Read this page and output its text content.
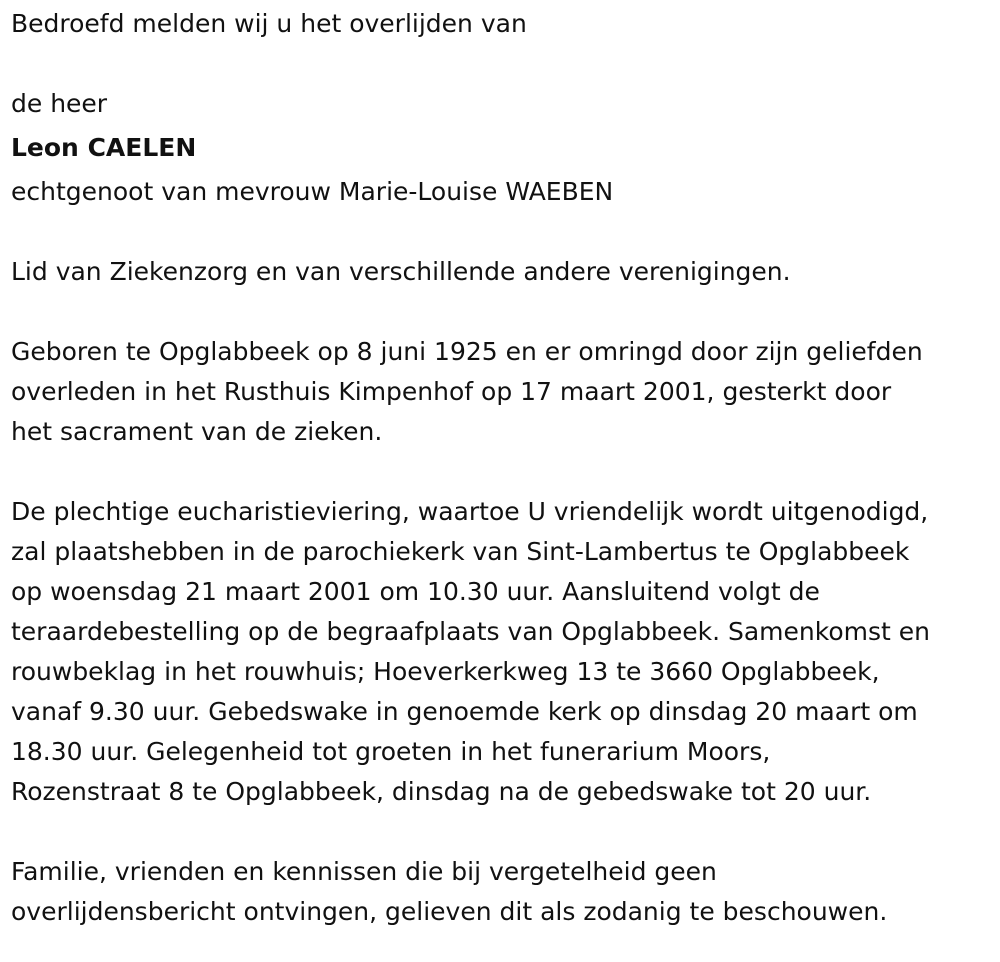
Bedroefd melden wij u het overlijden van

de heer

Leon CAELEN

echtgenoot van mevrouw Marie-Louise WAEBEN

Lid van Ziekenzorg en van verschillende andere verenigingen.

Geboren te Opglabbeek op 8 juni 1925 en er omringd door zijn geliefden

overleden in het Rusthuis Kimpenhof op 17 maart 2001, gesterkt door

het sacrament van de zieken.

De plechtige eucharistieviering, waartoe U vriendelijk wordt uitgenodigd,

zal plaatshebben in de parochiekerk van Sint-Lambertus te Opglabbeek

op woensdag 21 maart 2001 om 10.30 uur. Aansluitend volgt de

teraardebestelling op de begraafplaats van Opglabbeek. Samenkomst en

rouwbeklag in het rouwhuis; Hoeverkerkweg 13 te 3660 Opglabbeek,

vanaf 9.30 uur. Gebedswake in genoemde kerk op dinsdag 20 maart om

18.30 uur. Gelegenheid tot groeten in het funerarium Moors,

Rozenstraat 8 te Opglabbeek, dinsdag na de gebedswake tot 20 uur.

Familie, vrienden en kennissen die bij vergetelheid geen

overlijdensbericht ontvingen, gelieven dit als zodanig te beschouwen.
